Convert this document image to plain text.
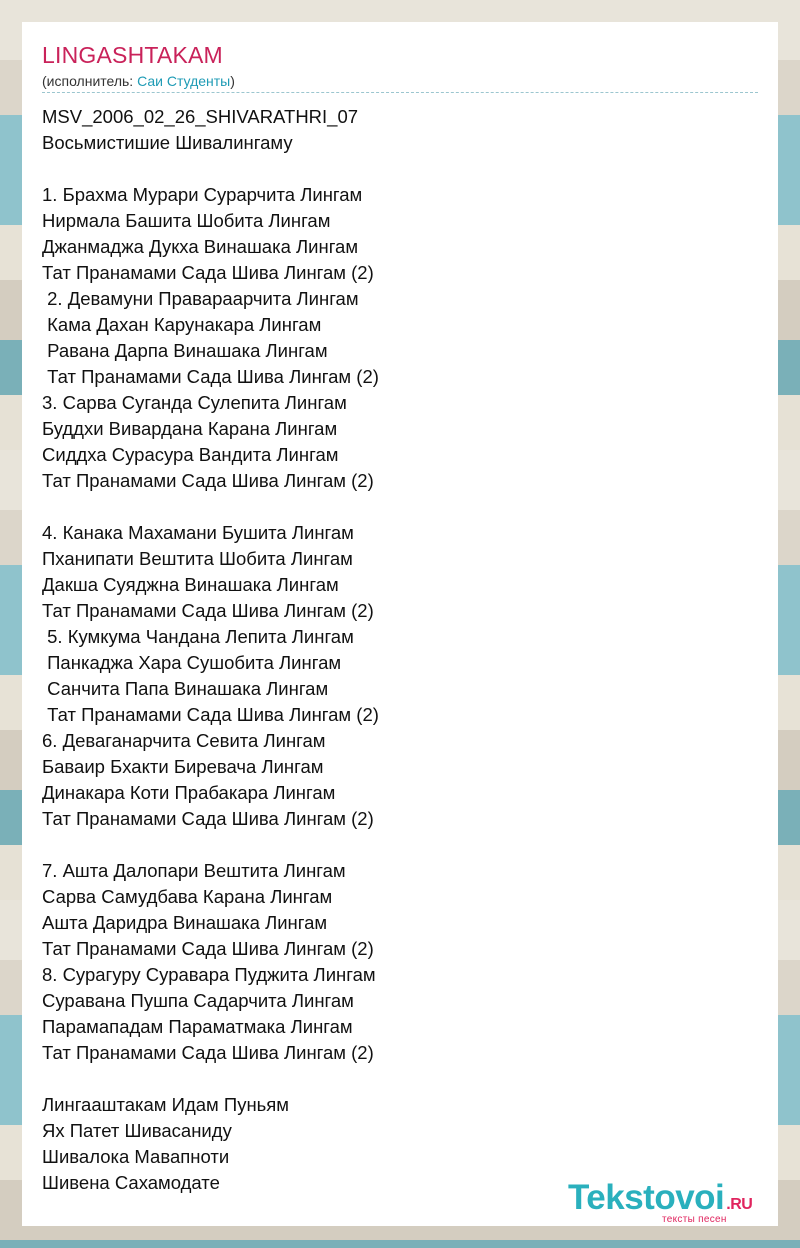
LINGASHTAKAM
(исполнитель: Саи Студенты)
MSV_2006_02_26_SHIVARATHRI_07
Восьмистишие Шивалингаму
1. Брахма Мурари Сурарчита Лингам
Нирмала Башита Шобита Лингам
Джанмаджа Дукха Винашака Лингам
Тат Пранамами Сада Шива Лингам (2)
2. Девамуни Правараарчита Лингам
Кама Дахан Карунакара Лингам
Равана Дарпа Винашака Лингам
Тат Пранамами Сада Шива Лингам (2)
3. Сарва Суганда Сулепита Лингам
Буддхи Вивардана Карана Лингам
Сиддха Сурасура Вандита Лингам
Тат Пранамами Сада Шива Лингам (2)
4. Канака Махамани Бушита Лингам
Пханипати Вештита Шобита Лингам
Дакша Суяджна Винашака Лингам
Тат Пранамами Сада Шива Лингам (2)
5. Кумкума Чандана Лепита Лингам
Панкаджа Хара Сушобита Лингам
Санчита Папа Винашака Лингам
Тат Пранамами Сада Шива Лингам (2)
6. Деваганарчита Севита Лингам
Баваир Бхакти Биревача Лингам
Динакара Коти Прабакара Лингам
Тат Пранамами Сада Шива Лингам (2)
7. Ашта Далопари Вештита Лингам
Сарва Самудбава Карана Лингам
Ашта Даридра Винашака Лингам
Тат Пранамами Сада Шива Лингам (2)
8. Сурагуру Суравара Пуджита Лингам
Суравана Пушпа Садарчита Лингам
Парамападам Параматмака Лингам
Тат Пранамами Сада Шива Лингам (2)
Лингааштакам Идам Пуньям
Ях Патет Шивасаниду
Шивалока Мавапноти
Шивена Сахамодате	Tekstovoi .RU
тексты песен
